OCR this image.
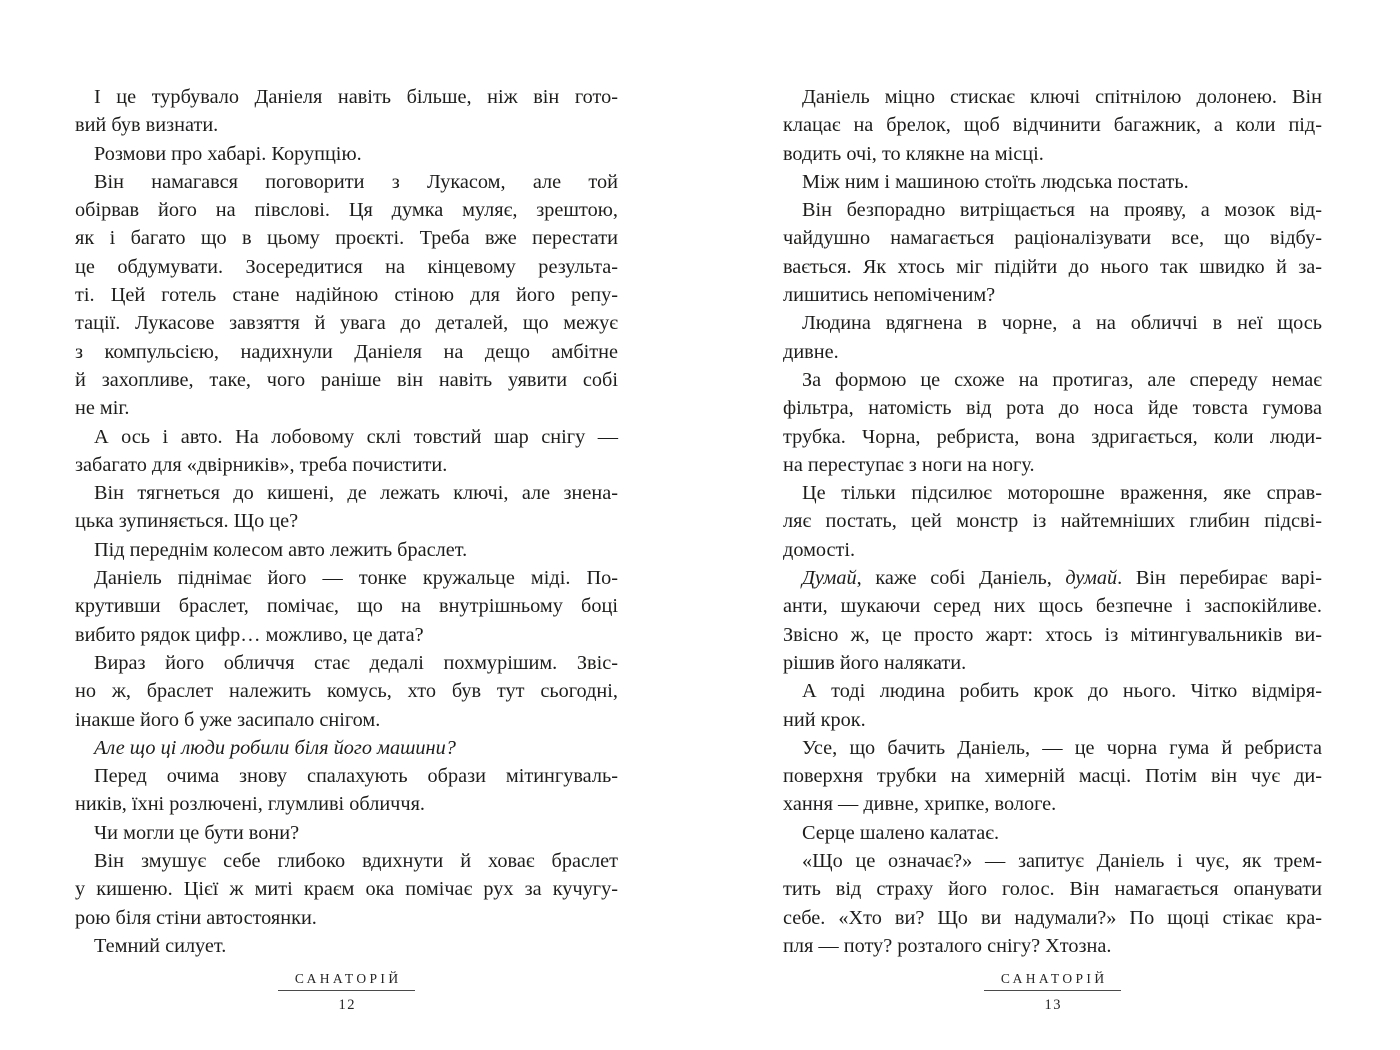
І це турбувало Даніеля навіть більше, ніж він гото-
вий був визнати.
Розмови про хабарі. Корупцію.
Він намагався поговорити з Лукасом, але той
обірвав його на півслові. Ця думка муляє, зрештою,
як і багато що в цьому проєкті. Треба вже перестати
це обдумувати. Зосередитися на кінцевому результа-
ті. Цей готель стане надійною стіною для його репу-
тації. Лукасове завзяття й увага до деталей, що межує
з компульсією, надихнули Даніеля на дещо амбітне
й захопливе, таке, чого раніше він навіть уявити собі
не міг.
А ось і авто. На лобовому склі товстий шар снігу —
забагато для «двірників», треба почистити.
Він тягнеться до кишені, де лежать ключі, але знена-
цька зупиняється. Що це?
Під переднім колесом авто лежить браслет.
Даніель піднімає його — тонке кружальце міді. По-
крутивши браслет, помічає, що на внутрішньому боці
вибито рядок цифр… можливо, це дата?
Вираз його обличчя стає дедалі похмурішим. Звіс-
но ж, браслет належить комусь, хто був тут сьогодні,
інакше його б уже засипало снігом.
Але що ці люди робили біля його машини?
Перед очима знову спалахують образи мітингуваль-
ників, їхні розлючені, глумливі обличчя.
Чи могли це бути вони?
Він змушує себе глибоко вдихнути й ховає браслет
у кишеню. Цієї ж миті краєм ока помічає рух за кучугу-
рою біля стіни автостоянки.
Темний силует.
САНАТОРІЙ
12
Даніель міцно стискає ключі спітнілою долонею. Він
клацає на брелок, щоб відчинити багажник, а коли під-
водить очі, то клякне на місці.
Між ним і машиною стоїть людська постать.
Він безпорадно витріщається на прояву, а мозок від-
чайдушно намагається раціоналізувати все, що відбу-
вається. Як хтось міг підійти до нього так швидко й за-
лишитись непоміченим?
Людина вдягнена в чорне, а на обличчі в неї щось
дивне.
За формою це схоже на протигаз, але спереду немає
фільтра, натомість від рота до носа йде товста гумова
трубка. Чорна, ребриста, вона здригається, коли люди-
на переступає з ноги на ногу.
Це тільки підсилює моторошне враження, яке справ-
ляє постать, цей монстр із найтемніших глибин підсві-
домості.
Думай, каже собі Даніель, думай. Він перебирає варі-
анти, шукаючи серед них щось безпечне і заспокійливе.
Звісно ж, це просто жарт: хтось із мітингувальників ви-
рішив його налякати.
А тоді людина робить крок до нього. Чітко відміря-
ний крок.
Усе, що бачить Даніель, — це чорна гума й ребриста
поверхня трубки на химерній масці. Потім він чує ди-
хання — дивне, хрипке, вологе.
Серце шалено калатає.
«Що це означає?» — запитує Даніель і чує, як трем-
тить від страху його голос. Він намагається опанувати
себе. «Хто ви? Що ви надумали?» По щоці стікає кра-
пля — поту? розталого снігу? Хтозна.
САНАТОРІЙ
13
